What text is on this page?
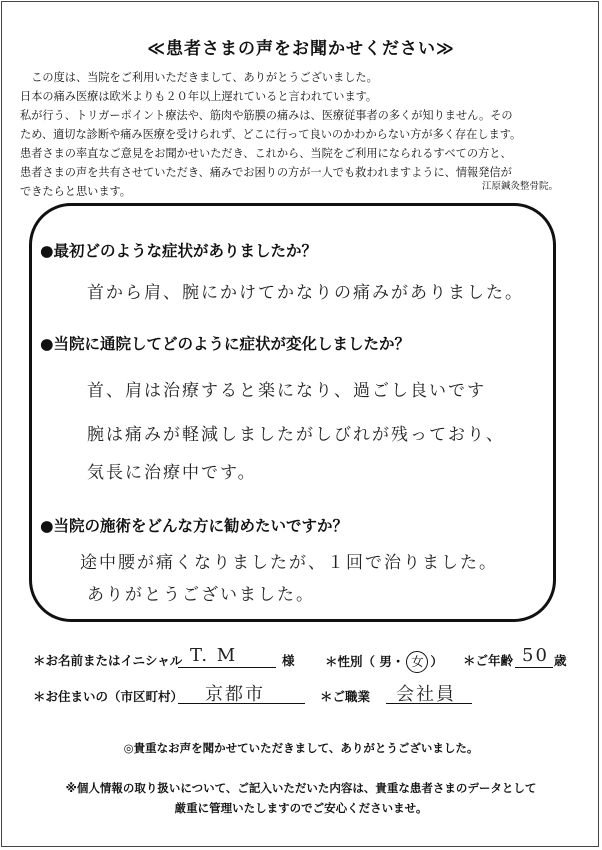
≪患者さまの声をお聞かせください≫

　この度は、当院をご利用いただきまして、ありがとうございました。

日本の痛み医療は欧米よりも２０年以上遅れていると言われています。

私が行う、トリガーポイント療法や、筋肉や筋膜の痛みは、医療従事者の多くが知りません。その

ため、適切な診断や痛み医療を受けられず、どこに行って良いのかわからない方が多く存在します。

患者さまの率直なご意見をお聞かせいただき、これから、当院をご利用になられるすべての方と、

患者さまの声を共有させていただき、痛みでお困りの方が一人でも救われますように、情報発信が

できたらと思います。	江原鍼灸整骨院。
●最初どのような症状がありましたか？
首から肩、腕にかけてかなりの痛みがありました。
●当院に通院してどのように症状が変化しましたか？
首、肩は治療すると楽になり、過ごし良いです
腕は痛みが軽減しましたがしびれが残っており、
気長に治療中です。
●当院の施術をどんな方に勧めたいですか？
途中腰が痛くなりましたが、１回で治りました。
ありがとうございました。
＊お名前またはイニシャル T. M	様 ＊性別（ 男・ 女 ） ＊ご年齢 50 歳
＊お住まいの（市区町村） 京都市	＊ご職業 会社員
◎貴重なお声を聞かせていただきまして、ありがとうございました。
※個人情報の取り扱いについて、ご記入いただいた内容は、貴重な患者さまのデータとして
厳重に管理いたしますのでご安心くださいませ。
